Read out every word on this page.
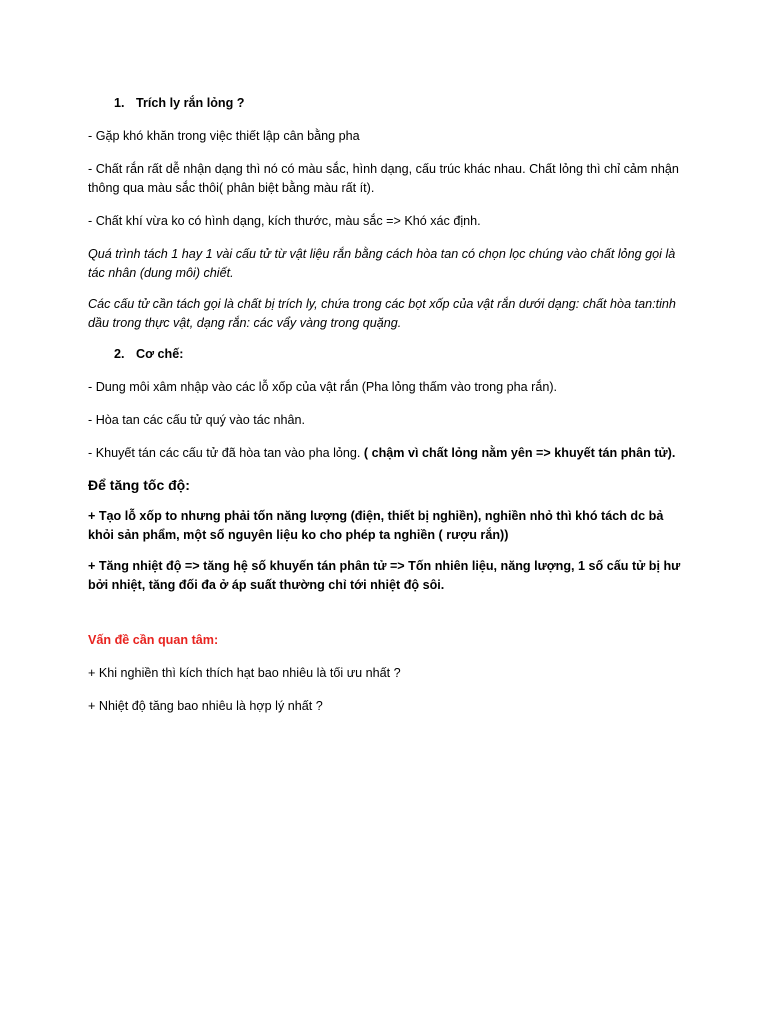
1. Trích ly rắn lỏng ?

- Gặp khó khăn trong việc thiết lập cân bằng pha

- Chất rắn rất dễ nhận dạng thì nó có màu sắc, hình dạng, cấu trúc khác nhau. Chất lỏng thì chỉ cảm nhận thông qua màu sắc thôi( phân biệt bằng màu rất ít).

- Chất khí vừa ko có hình dạng, kích thước, màu sắc => Khó xác định.

Quá trình tách 1 hay 1 vài cấu tử từ vật liệu rắn bằng cách hòa tan có chọn lọc chúng vào chất lỏng gọi là tác nhân (dung môi) chiết.

Các cấu tử cần tách gọi là chất bị trích ly, chứa trong các bọt xốp của vật rắn dưới dạng: chất hòa tan:tinh dầu trong thực vật, dạng rắn: các vẩy vàng trong quặng.

2. Cơ chế:

- Dung môi xâm nhập vào các lỗ xốp của vật rắn (Pha lỏng thấm vào trong pha rắn).

- Hòa tan các cấu tử quý vào tác nhân.

- Khuyết tán các cấu tử đã hòa tan vào pha lỏng. ( chậm vì chất lỏng nằm yên => khuyết tán phân tử).

Để tăng tốc độ:

+ Tạo lỗ xốp to nhưng phải tốn năng lượng (điện, thiết bị nghiền), nghiền nhỏ thì khó tách dc bả khỏi sản phẩm, một số nguyên liệu ko cho phép ta nghiền ( rượu rắn))

+ Tăng nhiệt độ => tăng hệ số khuyến tán phân tử => Tốn nhiên liệu, năng lượng, 1 số cấu tử bị hư bởi nhiệt, tăng đối đa ở áp suất thường chỉ tới nhiệt độ sôi.

Vấn đề cần quan tâm:

+ Khi nghiền thì kích thích hạt bao nhiêu là tối ưu nhất ?

+ Nhiệt độ tăng bao nhiêu là hợp lý nhất ?
